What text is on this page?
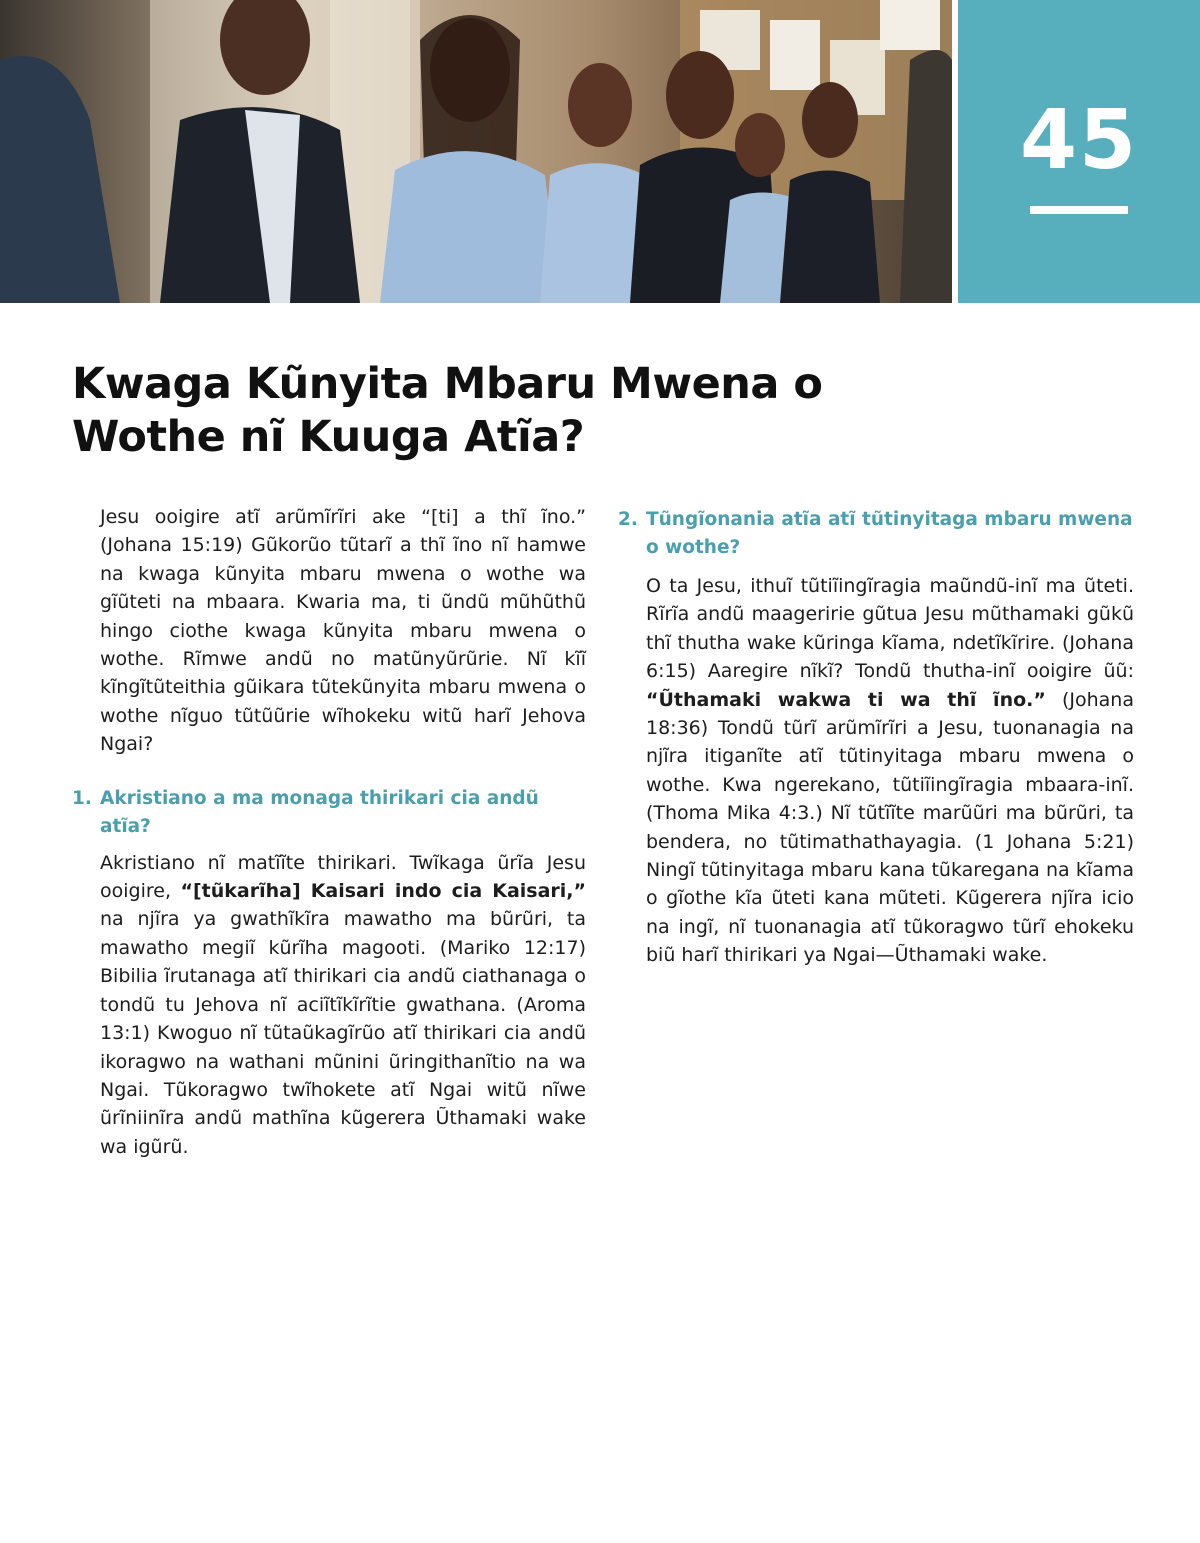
45
Kwaga Kũnyita Mbaru Mwena o Wothe nĩ Kuuga Atĩa?

Jesu ooigire atĩ arũmĩrĩri ake “[ti] a thĩ ĩno.” (Johana 15:19) Gũkorũo tũtarĩ a thĩ ĩno nĩ hamwe na kwaga kũnyita mbaru mwena o wothe wa gĩũteti na mbaara. Kwaria ma, ti ũndũ mũhũthũ hingo ciothe kwaga kũnyita mbaru mwena o wothe. Rĩmwe andũ no matũnyũrũrie. Nĩ kĩĩ kĩngĩtũteithia gũikara tũtekũnyita mbaru mwena o wothe nĩguo tũtũũrie wĩhokeku witũ harĩ Jehova Ngai?

1. Akristiano a ma monaga thirikari cia andũ atĩa?

Akristiano nĩ matĩĩte thirikari. Twĩkaga ũrĩa Jesu ooigire, “[tũkarĩha] Kaisari indo cia Kaisari,” na njĩra ya gwathĩkĩra mawatho ma bũrũri, ta mawatho megiĩ kũrĩha magooti. (Mariko 12:17) Bibilia ĩrutanaga atĩ thirikari cia andũ ciathanaga o tondũ tu Jehova nĩ aciĩtĩkĩrĩtie gwathana. (Aroma 13:1) Kwoguo nĩ tũtaũkagĩrũo atĩ thirikari cia andũ ikoragwo na wathani mũnini ũringithanĩtio na wa Ngai. Tũkoragwo twĩhokete atĩ Ngai witũ nĩwe ũrĩniinĩra andũ mathĩna kũgerera Ũthamaki wake wa igũrũ.

2. Tũngĩonania atĩa atĩ tũtinyitaga mbaru mwena o wothe?

O ta Jesu, ithuĩ tũtiĩingĩragia maũndũ-inĩ ma ũteti. Rĩrĩa andũ maageririe gũtua Jesu mũthamaki gũkũ thĩ thutha wake kũringa kĩama, ndetĩkĩrire. (Johana 6:15) Aaregire nĩkĩ? Tondũ thutha-inĩ ooigire ũũ: “Ũthamaki wakwa ti wa thĩ ĩno.” (Johana 18:36) Tondũ tũrĩ arũmĩrĩri a Jesu, tuonanagia na njĩra itiganĩte atĩ tũtinyitaga mbaru mwena o wothe. Kwa ngerekano, tũtiĩingĩragia mbaara-inĩ. (Thoma Mika 4:3.) Nĩ tũtĩĩte marũũri ma bũrũri, ta bendera, no tũtimathathayagia. (1 Johana 5:21) Ningĩ tũtinyitaga mbaru kana tũkaregana na kĩama o gĩothe kĩa ũteti kana mũteti. Kũgerera njĩra icio na ingĩ, nĩ tuonanagia atĩ tũkoragwo tũrĩ ehokeku biũ harĩ thirikari ya Ngai—Ũthamaki wake.
